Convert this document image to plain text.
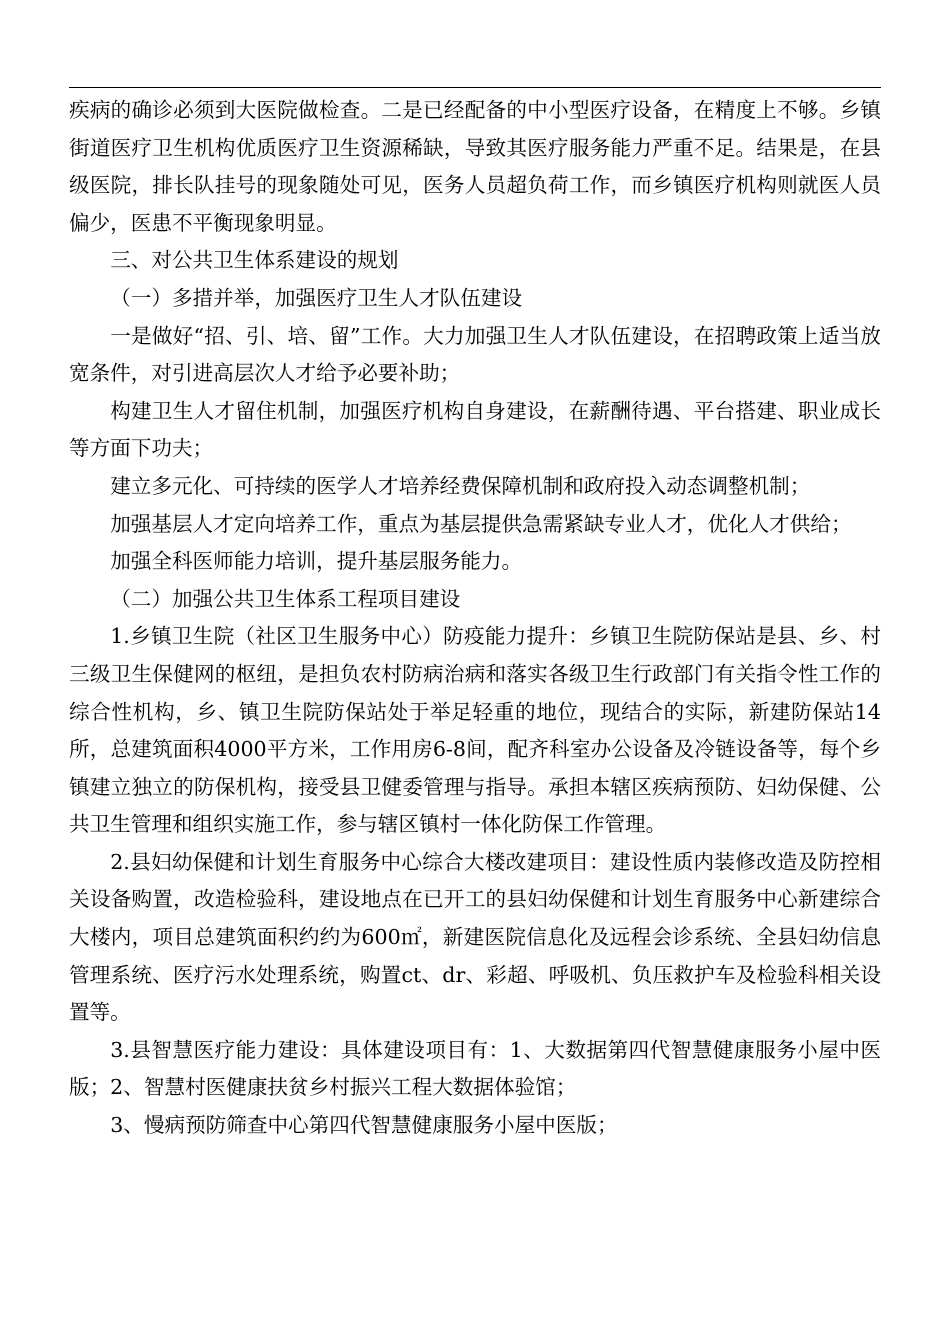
疾病的确诊必须到大医院做检查。二是已经配备的中小型医疗设备，在精度上不够。乡镇街道医疗卫生机构优质医疗卫生资源稀缺，导致其医疗服务能力严重不足。结果是，在县级医院，排长队挂号的现象随处可见，医务人员超负荷工作，而乡镇医疗机构则就医人员偏少，医患不平衡现象明显。

三、对公共卫生体系建设的规划

（一）多措并举，加强医疗卫生人才队伍建设

一是做好“招、引、培、留”工作。大力加强卫生人才队伍建设，在招聘政策上适当放宽条件，对引进高层次人才给予必要补助；

构建卫生人才留住机制，加强医疗机构自身建设，在薪酬待遇、平台搭建、职业成长等方面下功夫；

建立多元化、可持续的医学人才培养经费保障机制和政府投入动态调整机制；

加强基层人才定向培养工作，重点为基层提供急需紧缺专业人才，优化人才供给；

加强全科医师能力培训，提升基层服务能力。

（二）加强公共卫生体系工程项目建设

1.乡镇卫生院（社区卫生服务中心）防疫能力提升：乡镇卫生院防保站是县、乡、村三级卫生保健网的枢纽，是担负农村防病治病和落实各级卫生行政部门有关指令性工作的综合性机构，乡、镇卫生院防保站处于举足轻重的地位，现结合的实际，新建防保站14所，总建筑面积4000平方米，工作用房6-8间，配齐科室办公设备及冷链设备等，每个乡镇建立独立的防保机构，接受县卫健委管理与指导。承担本辖区疾病预防、妇幼保健、公共卫生管理和组织实施工作，参与辖区镇村一体化防保工作管理。

2.县妇幼保健和计划生育服务中心综合大楼改建项目：建设性质内装修改造及防控相关设备购置，改造检验科，建设地点在已开工的县妇幼保健和计划生育服务中心新建综合大楼内，项目总建筑面积约约为600㎡，新建医院信息化及远程会诊系统、全县妇幼信息管理系统、医疗污水处理系统，购置ct、dr、彩超、呼吸机、负压救护车及检验科相关设置等。

3.县智慧医疗能力建设：具体建设项目有：1、大数据第四代智慧健康服务小屋中医版；2、智慧村医健康扶贫乡村振兴工程大数据体验馆；

3、慢病预防筛查中心第四代智慧健康服务小屋中医版；
